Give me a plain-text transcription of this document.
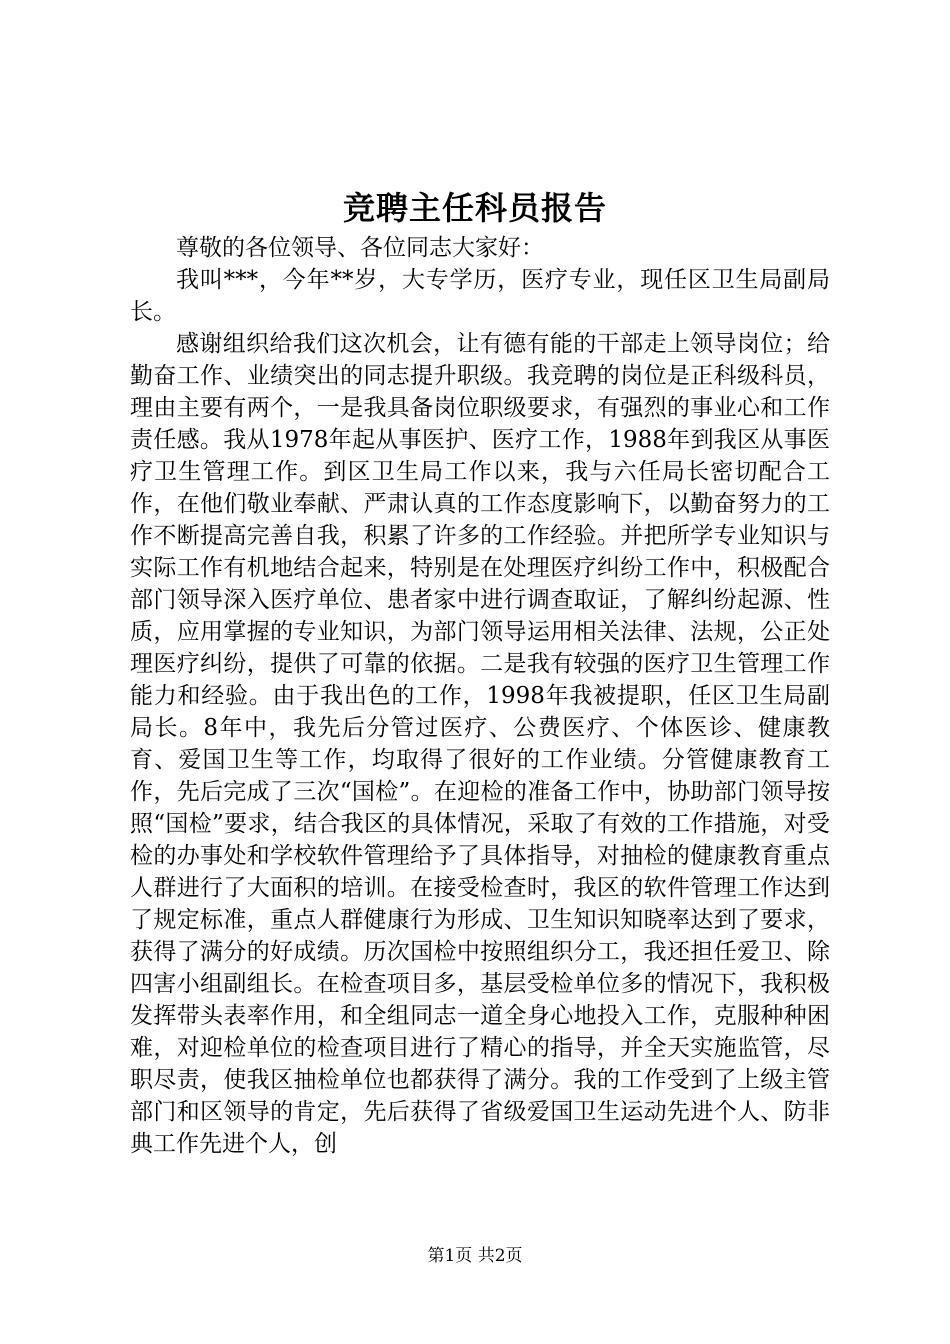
竞聘主任科员报告

尊敬的各位领导、各位同志大家好：

我叫***，今年**岁，大专学历，医疗专业，现任区卫生局副局长。

感谢组织给我们这次机会，让有德有能的干部走上领导岗位；给勤奋工作、业绩突出的同志提升职级。我竞聘的岗位是正科级科员，理由主要有两个，一是我具备岗位职级要求，有强烈的事业心和工作责任感。我从1978年起从事医护、医疗工作，1988年到我区从事医疗卫生管理工作。到区卫生局工作以来，我与六任局长密切配合工作，在他们敬业奉献、严肃认真的工作态度影响下，以勤奋努力的工作不断提高完善自我，积累了许多的工作经验。并把所学专业知识与实际工作有机地结合起来，特别是在处理医疗纠纷工作中，积极配合部门领导深入医疗单位、患者家中进行调查取证，了解纠纷起源、性质，应用掌握的专业知识，为部门领导运用相关法律、法规，公正处理医疗纠纷，提供了可靠的依据。二是我有较强的医疗卫生管理工作能力和经验。由于我出色的工作，1998年我被提职，任区卫生局副局长。8年中，我先后分管过医疗、公费医疗、个体医诊、健康教育、爱国卫生等工作，均取得了很好的工作业绩。分管健康教育工作，先后完成了三次“国检”。在迎检的准备工作中，协助部门领导按照“国检”要求，结合我区的具体情况，采取了有效的工作措施，对受检的办事处和学校软件管理给予了具体指导，对抽检的健康教育重点人群进行了大面积的培训。在接受检查时，我区的软件管理工作达到了规定标准，重点人群健康行为形成、卫生知识知晓率达到了要求，获得了满分的好成绩。历次国检中按照组织分工，我还担任爱卫、除四害小组副组长。在检查项目多，基层受检单位多的情况下，我积极发挥带头表率作用，和全组同志一道全身心地投入工作，克服种种困难，对迎检单位的检查项目进行了精心的指导，并全天实施监管，尽职尽责，使我区抽检单位也都获得了满分。我的工作受到了上级主管部门和区领导的肯定，先后获得了省级爱国卫生运动先进个人、防非典工作先进个人，创

第1页 共2页
